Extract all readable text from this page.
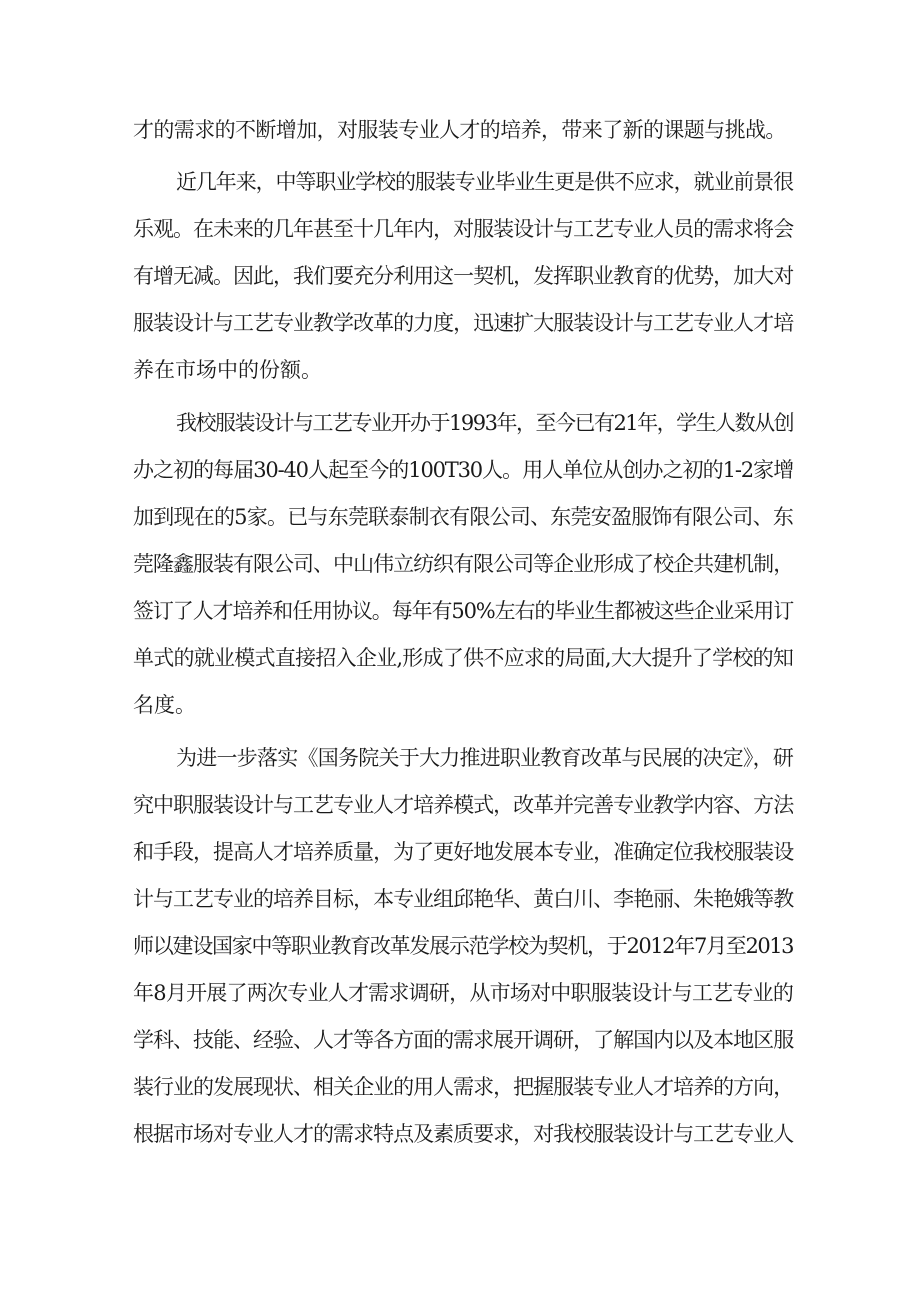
才的需求的不断增加，对服装专业人才的培养，带来了新的课题与挑战。
近几年来，中等职业学校的服装专业毕业生更是供不应求，就业前景很
乐观。在未来的几年甚至十几年内，对服装设计与工艺专业人员的需求将会
有增无减。因此，我们要充分利用这一契机，发挥职业教育的优势，加大对
服装设计与工艺专业教学改革的力度，迅速扩大服装设计与工艺专业人才培
养在市场中的份额。
我校服装设计与工艺专业开办于1993年，至今已有21年，学生人数从创
办之初的每届30-40人起至今的100T30人。用人单位从创办之初的1-2家增
加到现在的5家。已与东莞联泰制衣有限公司、东莞安盈服饰有限公司、东
莞隆鑫服装有限公司、中山伟立纺织有限公司等企业形成了校企共建机制，
签订了人才培养和任用协议。每年有50%左右的毕业生都被这些企业采用订
单式的就业模式直接招入企业,形成了供不应求的局面,大大提升了学校的知
名度。
为进一步落实《国务院关于大力推进职业教育改革与民展的决定》，研
究中职服装设计与工艺专业人才培养模式，改革并完善专业教学内容、方法
和手段，提高人才培养质量，为了更好地发展本专业，准确定位我校服装设
计与工艺专业的培养目标，本专业组邱艳华、黄白川、李艳丽、朱艳娥等教
师以建设国家中等职业教育改革发展示范学校为契机，于2012年7月至2013
年8月开展了两次专业人才需求调研，从市场对中职服装设计与工艺专业的
学科、技能、经验、人才等各方面的需求展开调研，了解国内以及本地区服
装行业的发展现状、相关企业的用人需求，把握服装专业人才培养的方向，
根据市场对专业人才的需求特点及素质要求，对我校服装设计与工艺专业人
